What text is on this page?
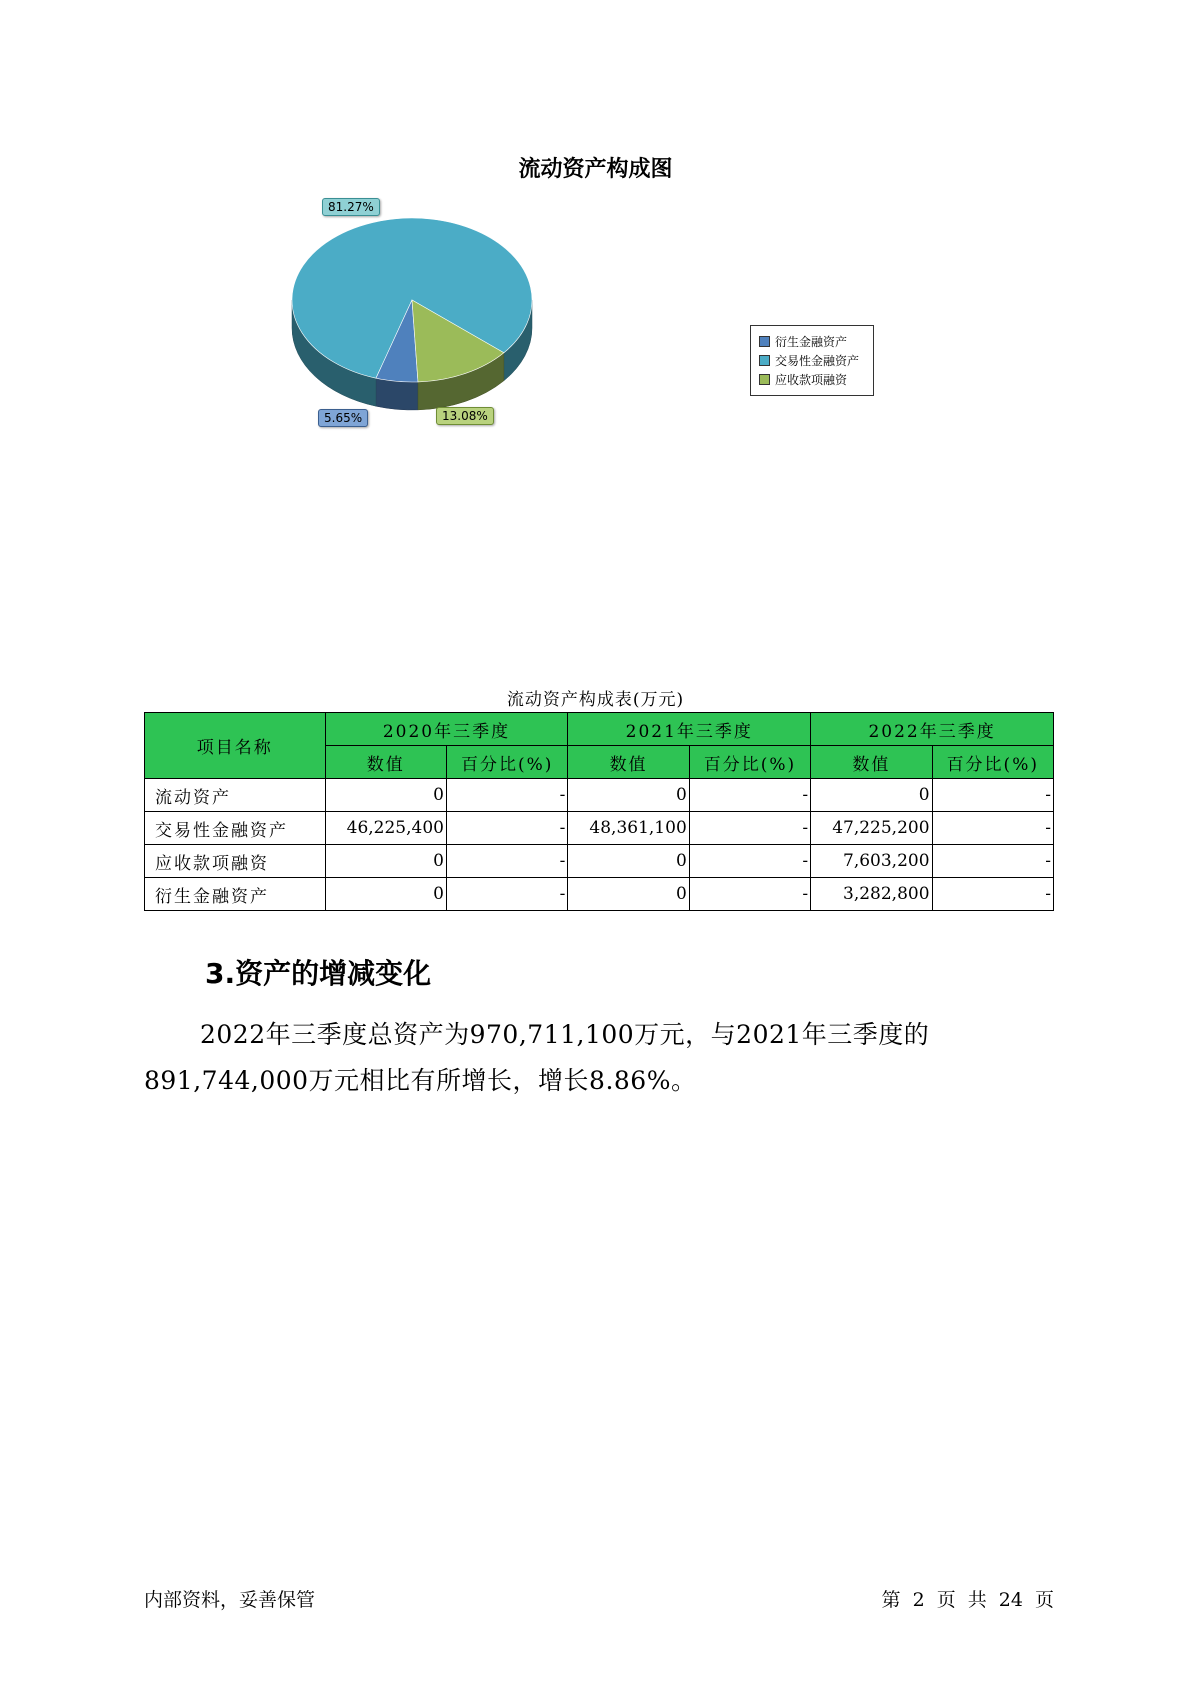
流动资产构成图
5.65%
81.27%
13.08%
衍生金融资产
交易性金融资产
应收款项融资
流动资产构成表(万元)
项目名称	2020年三季度		2021年三季度		2022年三季度	
	数值	百分比(%)	数值	百分比(%)	数值	百分比(%)
流动资产	0	-	0	-	0	-
交易性金融资产	46,225,400	-	48,361,100	-	47,225,200	-
应收款项融资	0	-	0	-	7,603,200	-
衍生金融资产	0	-	0	-	3,282,800	-
3.资产的增减变化
2022年三季度总资产为970,711,100万元，与2021年三季度的891,744,000万元相比有所增长，增长8.86%。
内部资料，妥善保管	第 2 页 共 24 页
